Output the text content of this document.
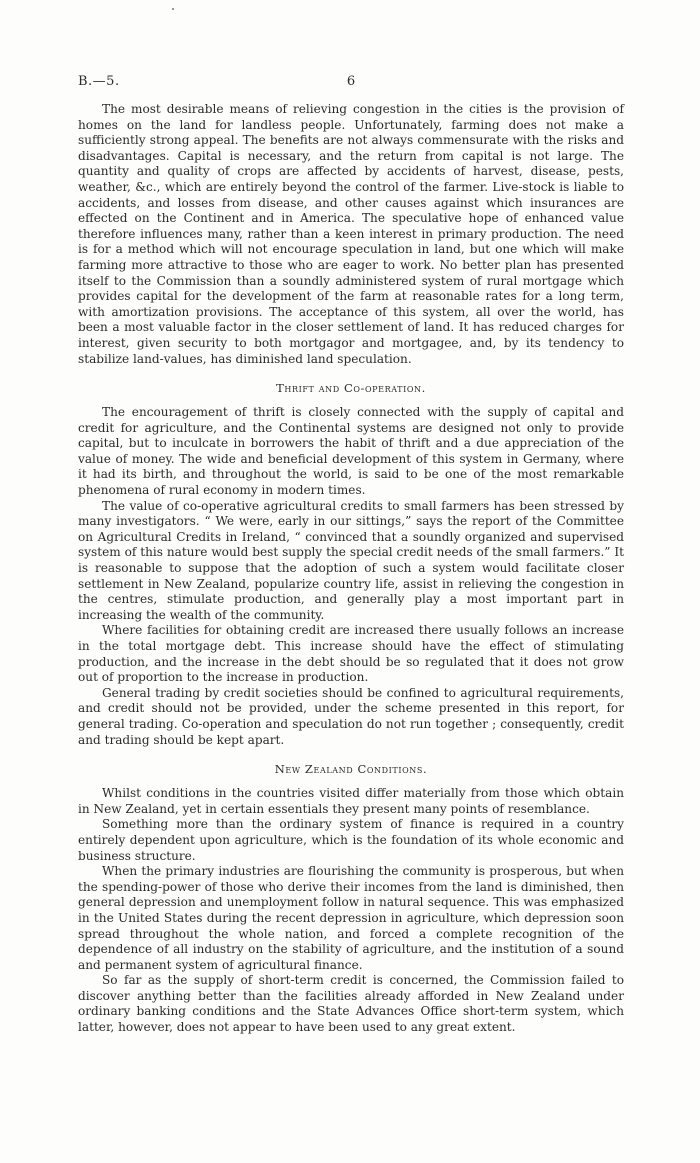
B.—5.	6

The most desirable means of relieving congestion in the cities is the provision of homes on the land for landless people. Unfortunately, farming does not make a sufficiently strong appeal. The benefits are not always commensurate with the risks and disadvantages. Capital is necessary, and the return from capital is not large. The quantity and quality of crops are affected by accidents of harvest, disease, pests, weather, &c., which are entirely beyond the control of the farmer. Live-stock is liable to accidents, and losses from disease, and other causes against which insurances are effected on the Continent and in America. The speculative hope of enhanced value therefore influences many, rather than a keen interest in primary production. The need is for a method which will not encourage speculation in land, but one which will make farming more attractive to those who are eager to work. No better plan has presented itself to the Commission than a soundly administered system of rural mortgage which provides capital for the development of the farm at reasonable rates for a long term, with amortization provisions. The acceptance of this system, all over the world, has been a most valuable factor in the closer settlement of land. It has reduced charges for interest, given security to both mortgagor and mortgagee, and, by its tendency to stabilize land-values, has diminished land speculation.

Thrift and Co-operation.

The encouragement of thrift is closely connected with the supply of capital and credit for agriculture, and the Continental systems are designed not only to provide capital, but to inculcate in borrowers the habit of thrift and a due appreciation of the value of money. The wide and beneficial development of this system in Germany, where it had its birth, and throughout the world, is said to be one of the most remarkable phenomena of rural economy in modern times.

The value of co-operative agricultural credits to small farmers has been stressed by many investigators. “ We were, early in our sittings,” says the report of the Committee on Agricultural Credits in Ireland, “ convinced that a soundly organized and supervised system of this nature would best supply the special credit needs of the small farmers.” It is reasonable to suppose that the adoption of such a system would facilitate closer settlement in New Zealand, popularize country life, assist in relieving the congestion in the centres, stimulate production, and generally play a most important part in increasing the wealth of the community.

Where facilities for obtaining credit are increased there usually follows an increase in the total mortgage debt. This increase should have the effect of stimulating production, and the increase in the debt should be so regulated that it does not grow out of proportion to the increase in production.

General trading by credit societies should be confined to agricultural requirements, and credit should not be provided, under the scheme presented in this report, for general trading. Co-operation and speculation do not run together ; consequently, credit and trading should be kept apart.

New Zealand Conditions.

Whilst conditions in the countries visited differ materially from those which obtain in New Zealand, yet in certain essentials they present many points of resemblance.

Something more than the ordinary system of finance is required in a country entirely dependent upon agriculture, which is the foundation of its whole economic and business structure.

When the primary industries are flourishing the community is prosperous, but when the spending-power of those who derive their incomes from the land is diminished, then general depression and unemployment follow in natural sequence. This was emphasized in the United States during the recent depression in agriculture, which depression soon spread throughout the whole nation, and forced a complete recognition of the dependence of all industry on the stability of agriculture, and the institution of a sound and permanent system of agricultural finance.

So far as the supply of short-term credit is concerned, the Commission failed to discover anything better than the facilities already afforded in New Zealand under ordinary banking conditions and the State Advances Office short-term system, which latter, however, does not appear to have been used to any great extent.
